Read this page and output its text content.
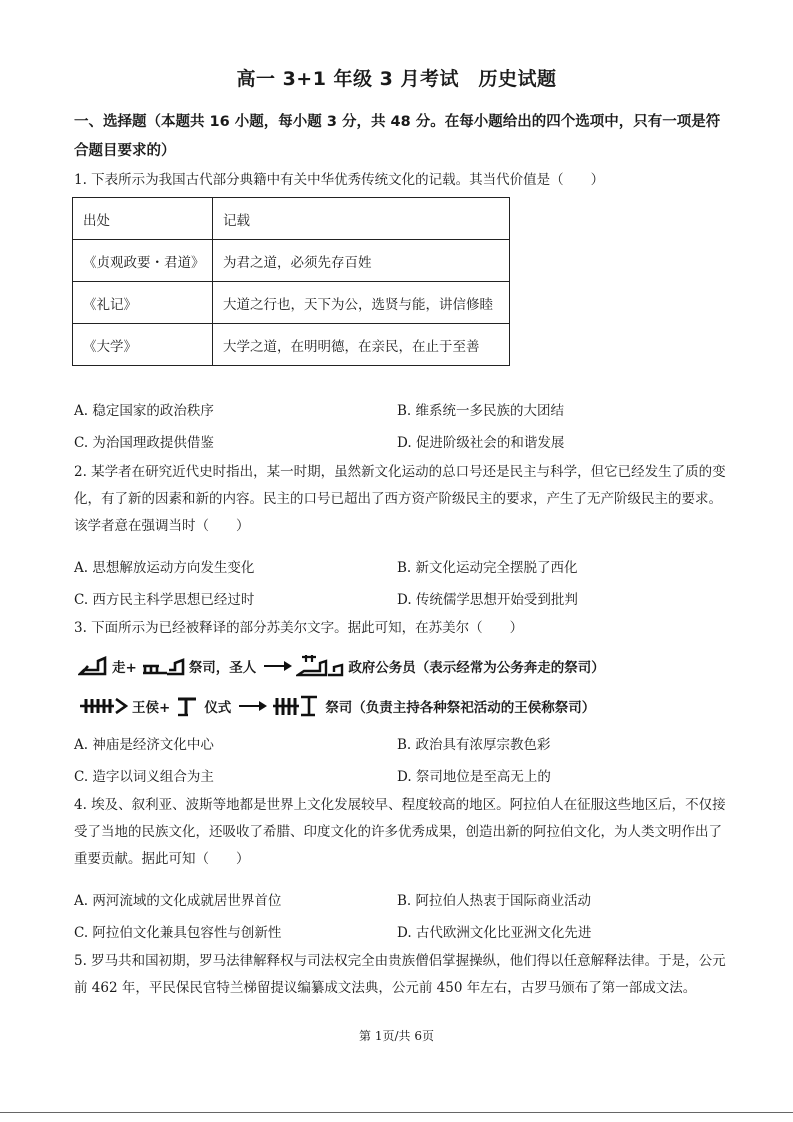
高一 3+1 年级 3 月考试　历史试题
一、选择题（本题共 16 小题，每小题 3 分，共 48 分。在每小题给出的四个选项中，只有一项是符合题目要求的）
1. 下表所示为我国古代部分典籍中有关中华优秀传统文化的记载。其当代价值是（　　）
出处	记载
《贞观政要・君道》	为君之道，必须先存百姓
《礼记》	大道之行也，天下为公，选贤与能，讲信修睦
《大学》	大学之道，在明明德，在亲民，在止于至善
A. 稳定国家⁠⁠的政治秩序	B. 维系统一多民族的大团结
C. 为治国理政提供借鉴	D. 促进阶级社会的和谐发展
2. 某学者在研究近代史时指出，某一时期，虽然新文化运动的总口号还是民主与科学，但它已经发生了质的变化，有了新的因素和新的内容。民主的口号已超出了西方资产阶级民主的要求，产生了无产阶级民主的要求。该学者意在强调当时（　　）
A. 思想解放运动方向发生变化	B. 新文化运动完全摆脱了西化
C. 西方民主科学思想已经过时	D. 传统儒学思想开始受到批判
3. 下面所示为已经被释译的部分苏美尔文字。据此可知，在苏美尔（　　）
走+	祭司，圣人	政府公务员（表示经常为公务奔走的祭司）
王侯+	仪式	祭司（负责主持各种祭祀活动的王侯称祭司）
A. 神庙是经济文化中心	B. 政治具有浓厚宗教色彩
C. 造字以词义组合为主	D. 祭司地位是至高无上的
4. 埃及、叙利亚、波斯等地都是世界上文化发展较早、程度较高的地区。阿拉伯人在征服这些地区后，不仅接受了当地的民族文化，还吸收了希腊、印度文化的许多优秀成果，创造出新的阿拉伯文化，为人类文明作出了重要贡献。据此可知（　　）
A. 两河流域的文化成就居世界首位	B. 阿拉伯人热衷于国际商业活动
C. 阿拉伯文化兼具包容性与创新性	D. 古代欧洲文化比亚洲文化先进
5. 罗马共和国初期，罗马法律解释权与司法权完全由贵族僧侣掌握操纵，他们得以任意解释法律。于是，公元前 462 年，平民保民官特兰梯留提议编纂成文法典，公元前 450 年左右，古罗马颁布了第一部成文法。
第 1页/共 6页
